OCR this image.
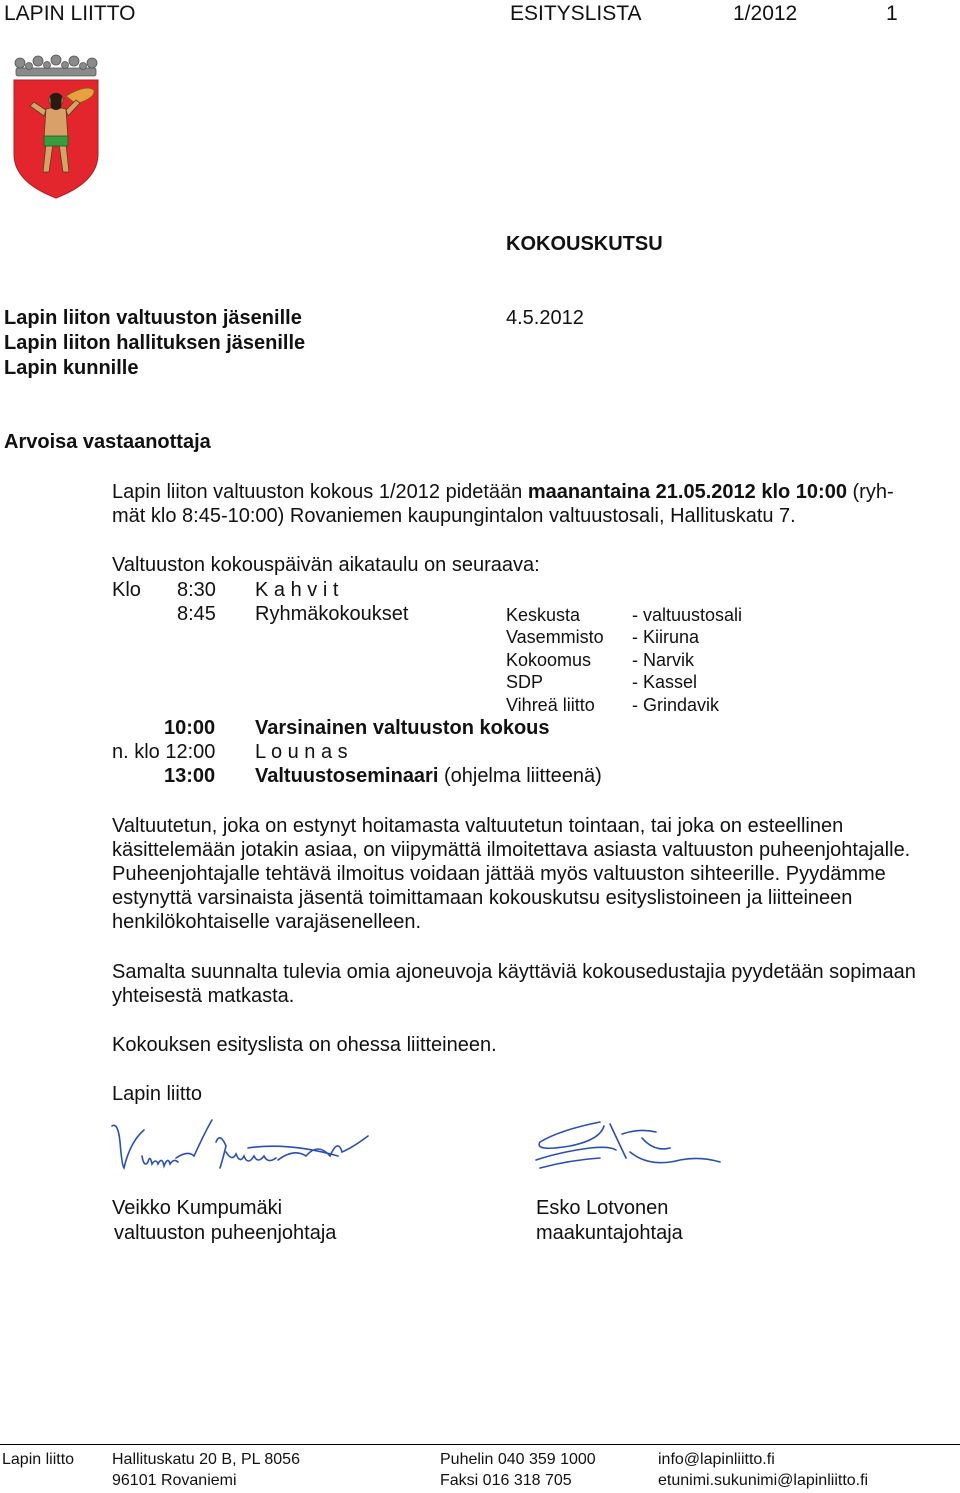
LAPIN LIITTO	ESITYSLISTA	1/2012	1
KOKOUSKUTSU
Lapin liiton valtuuston jäsenille
Lapin liiton hallituksen jäsenille
Lapin kunnille
4.5.2012
Arvoisa vastaanottaja
Lapin liiton valtuuston kokous 1/2012 pidetään maanantaina 21.05.2012 klo 10:00 (ryh-
mät klo 8:45-10:00) Rovaniemen kaupungintalon valtuustosali, Hallituskatu 7.
Valtuuston kokouspäivän aikataulu on seuraava:
Klo 8:30 K a h v i t
8:45 Ryhmäkokoukset	Keskusta	- valtuustosali
Vasemmisto - Kiiruna
Kokoomus - Narvik
SDP	- Kassel
Vihreä liitto - Grindavik
10:00 Varsinainen valtuuston kokous
n. klo 12:00 L o u n a s
13:00 Valtuustoseminaari (ohjelma liitteenä)
Valtuutetun, joka on estynyt hoitamasta valtuutetun tointaan, tai joka on esteellinen käsittelemään jotakin asiaa, on viipymättä ilmoitettava asiasta valtuuston puheenjohtajalle. Puheenjohtajalle tehtävä ilmoitus voidaan jättää myös valtuuston sihteerille. Pyydämme estynyttä varsinaista jäsentä toimittamaan kokouskutsu esityslistoineen ja liitteineen henkilökohtaiselle varajäsenelleen.
Samalta suunnalta tulevia omia ajoneuvoja käyttäviä kokousedustajia pyydetään sopimaan yhteisestä matkasta.
Kokouksen esityslista on ohessa liitteineen.
Lapin liitto
Veikko Kumpumäki
valtuuston puheenjohtaja
Esko Lotvonen
maakuntajohtaja
Lapin liitto Hallituskatu 20 B, PL 8056
96101 Rovaniemi
Puhelin 040 359 1000
Faksi 016 318 705
info@lapinliitto.fi
etunimi.sukunimi@lapinliitto.fi
